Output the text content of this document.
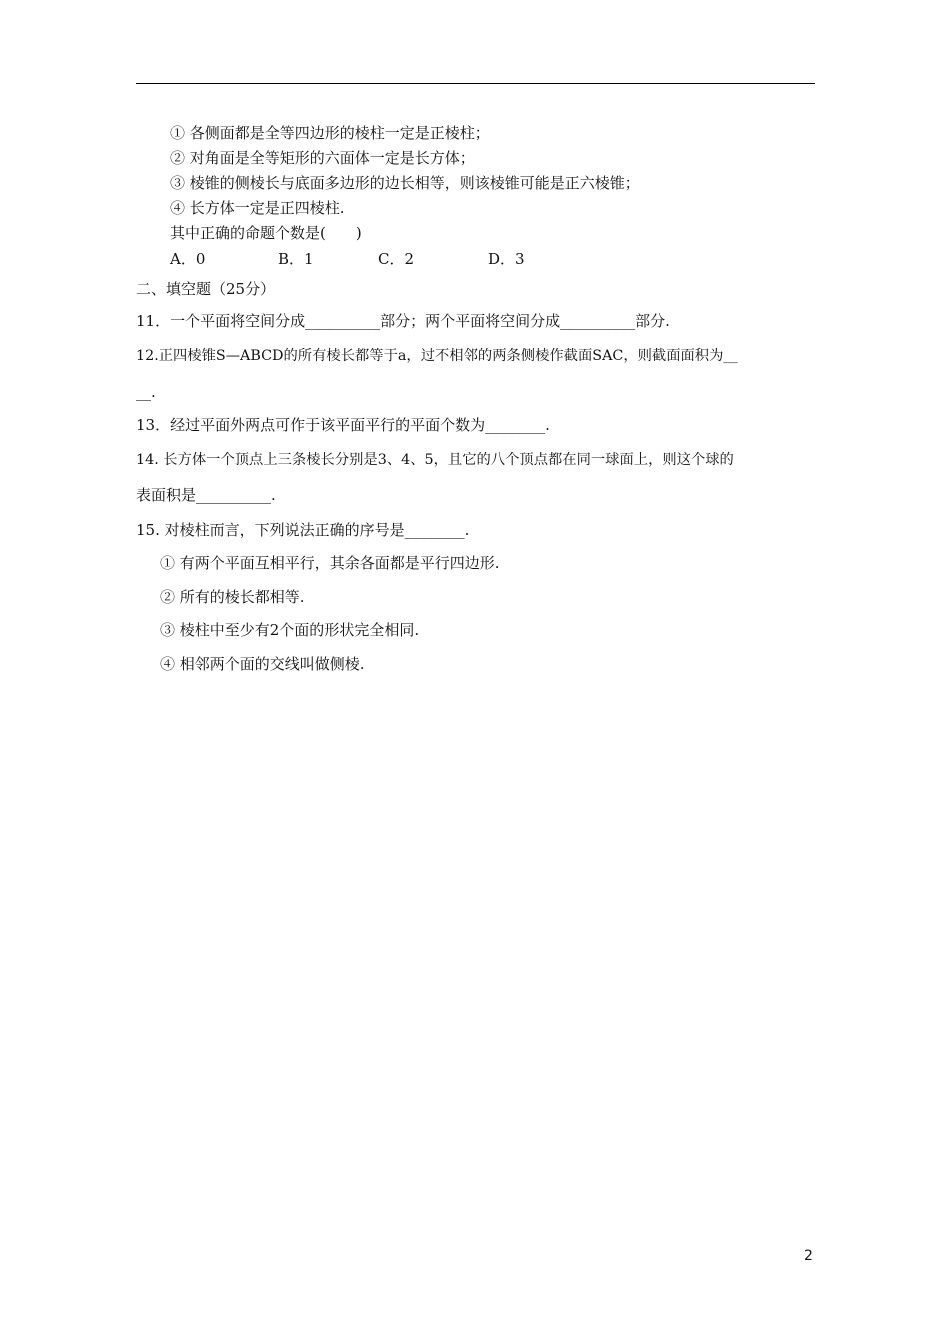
① 各侧面都是全等四边形的棱柱一定是正棱柱；
② 对角面是全等矩形的六面体一定是长方体；
③ 棱锥的侧棱长与底面多边形的边长相等，则该棱锥可能是正六棱锥；
④ 长方体一定是正四棱柱.
其中正确的命题个数是(　　)
A．0	B．1	C．2	D．3
二、填空题（25分）
11．一个平面将空间分成__________部分；两个平面将空间分成__________部分.
12.正四棱锥S—ABCD的所有棱长都等于a，过不相邻的两条侧棱作截面SAC，则截面面积为__
__.
13．经过平面外两点可作于该平面平行的平面个数为________.
14. 长方体一个顶点上三条棱长分别是3、4、5，且它的八个顶点都在同一球面上，则这个球的
表面积是__________.
15. 对棱柱而言，下列说法正确的序号是________.
① 有两个平面互相平行，其余各面都是平行四边形.
② 所有的棱长都相等.
③ 棱柱中至少有2个面的形状完全相同.
④ 相邻两个面的交线叫做侧棱.
2
